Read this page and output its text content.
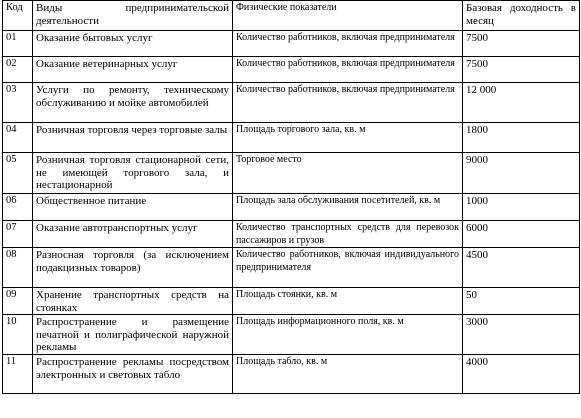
Код	Виды предпринимательской деятельности	Физические показатели	Базовая доходность в месяц
01	Оказание бытовых услуг	Количество работников, включая предпринимателя	7500
02	Оказание ветеринарных услуг	Количество работников, включая предпринимателя	7500
03	Услуги по ремонту, техническому обслуживанию и мойке автомобилей	Количество работников, включая предпринимателя	12 000
04	Розничная торговля через торговые залы	Площадь торгового зала, кв. м	1800
05	Розничная торговля стационарной сети, не имеющей торгового зала, и нестационарной	Торговое место	9000
06	Общественное питание	Площадь зала обслуживания посетителей, кв. м	1000
07	Оказание автотранспортных услуг	Количество транспортных средств для перевозок пассажиров и грузов	6000
08	Разносная торговля (за исключением подакцизных товаров)	Количество работников, включая индивидуального предпринимателя	4500
09	Хранение транспортных средств на стоянках	Площадь стоянки, кв. м	50
10	Распространение и размещение печатной и полиграфической наружной рекламы	Площадь информационного поля, кв. м	3000
11	Распространение рекламы посредством электронных и световых табло	Площадь табло, кв. м	4000
